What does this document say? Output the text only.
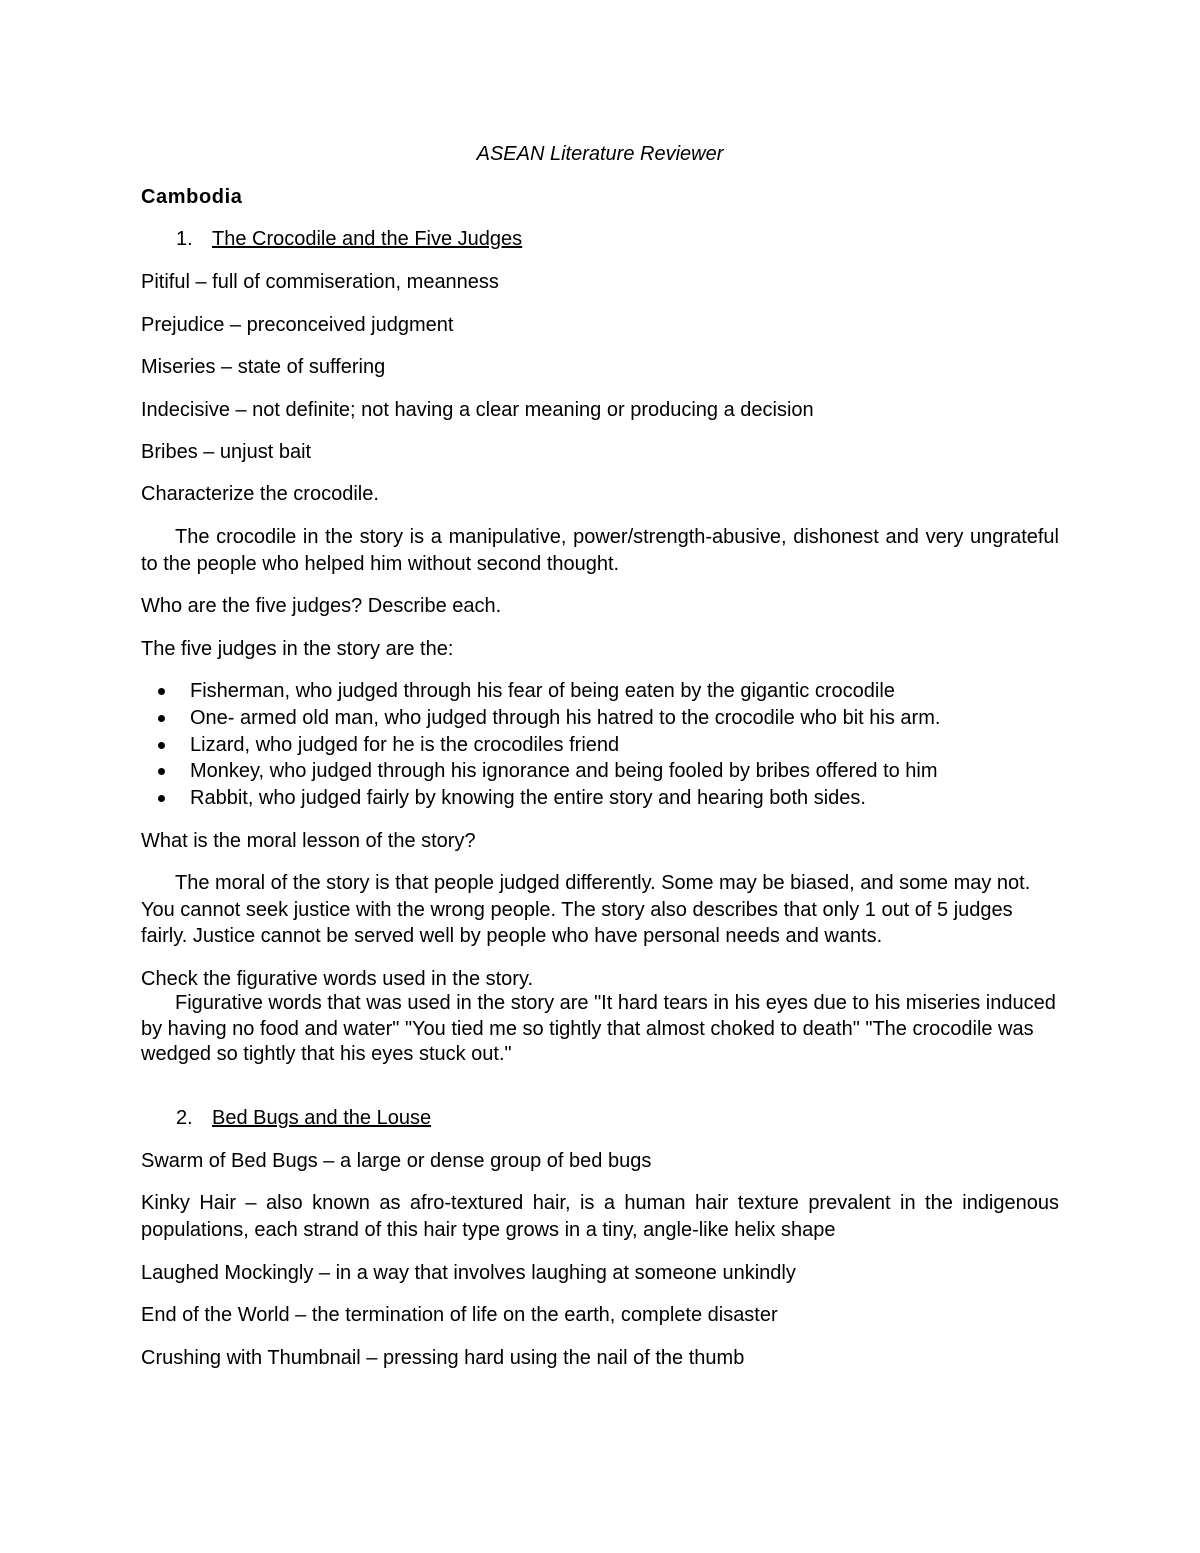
ASEAN Literature Reviewer
Cambodia
1. The Crocodile and the Five Judges
Pitiful – full of commiseration, meanness
Prejudice – preconceived judgment
Miseries – state of suffering
Indecisive – not definite; not having a clear meaning or producing a decision
Bribes – unjust bait
Characterize the crocodile.
The crocodile in the story is a manipulative, power/strength-abusive, dishonest and very ungrateful to the people who helped him without second thought.
Who are the five judges? Describe each.
The five judges in the story are the:
Fisherman, who judged through his fear of being eaten by the gigantic crocodile
One- armed old man, who judged through his hatred to the crocodile who bit his arm.
Lizard, who judged for he is the crocodiles friend
Monkey, who judged through his ignorance and being fooled by bribes offered to him
Rabbit, who judged fairly by knowing the entire story and hearing both sides.
What is the moral lesson of the story?
The moral of the story is that people judged differently. Some may be biased, and some may not. You cannot seek justice with the wrong people. The story also describes that only 1 out of 5 judges fairly. Justice cannot be served well by people who have personal needs and wants.
Check the figurative words used in the story.
Figurative words that was used in the story are "It hard tears in his eyes due to his miseries induced by having no food and water" "You tied me so tightly that almost choked to death" "The crocodile was wedged so tightly that his eyes stuck out."
2. Bed Bugs and the Louse
Swarm of Bed Bugs – a large or dense group of bed bugs
Kinky Hair – also known as afro-textured hair, is a human hair texture prevalent in the indigenous populations, each strand of this hair type grows in a tiny, angle-like helix shape
Laughed Mockingly – in a way that involves laughing at someone unkindly
End of the World – the termination of life on the earth, complete disaster
Crushing with Thumbnail – pressing hard using the nail of the thumb
